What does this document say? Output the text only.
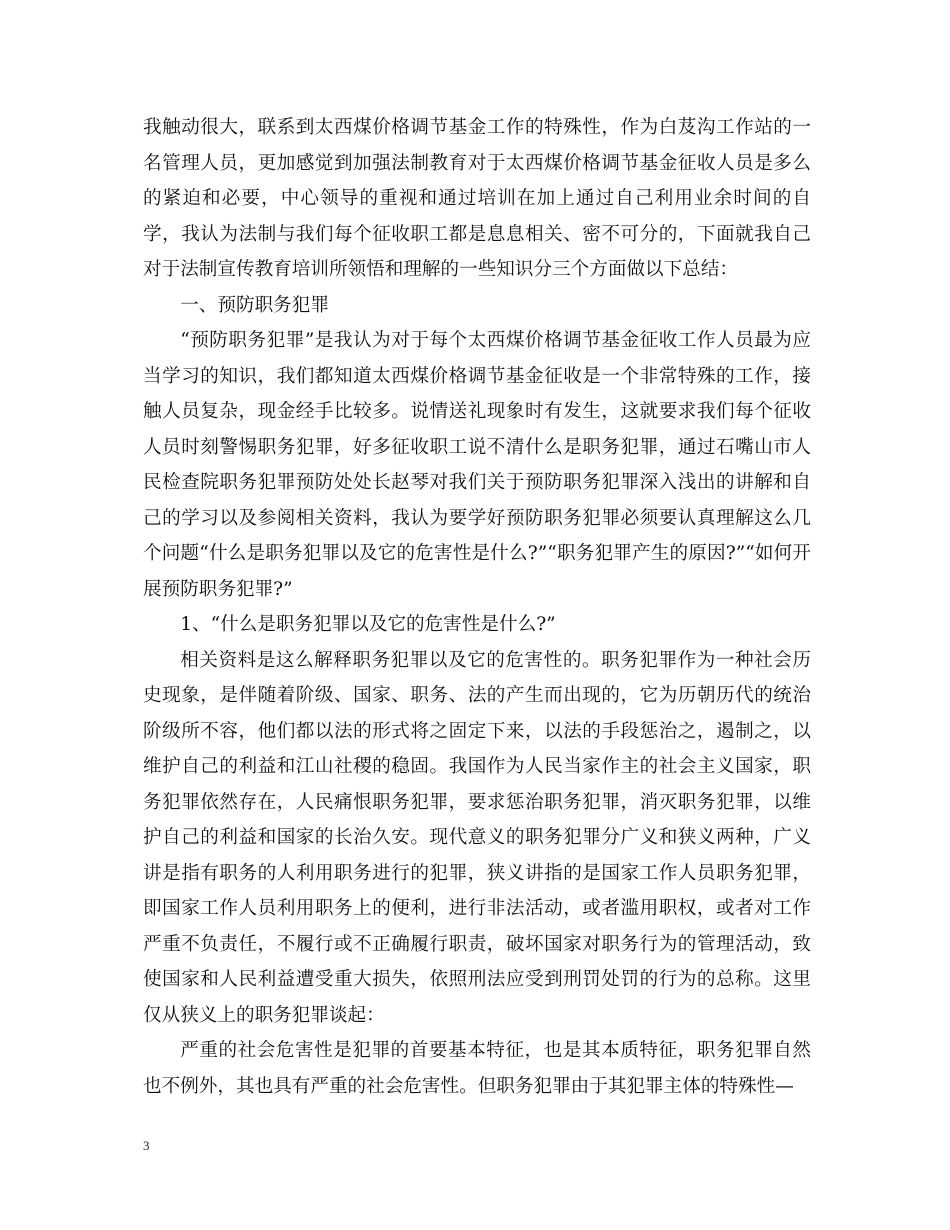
我触动很大，联系到太西煤价格调节基金工作的特殊性，作为白芨沟工作站的一名管理人员，更加感觉到加强法制教育对于太西煤价格调节基金征收人员是多么的紧迫和必要，中心领导的重视和通过培训在加上通过自己利用业余时间的自学，我认为法制与我们每个征收职工都是息息相关、密不可分的，下面就我自己对于法制宣传教育培训所领悟和理解的一些知识分三个方面做以下总结：

一、预防职务犯罪

“预防职务犯罪”是我认为对于每个太西煤价格调节基金征收工作人员最为应当学习的知识，我们都知道太西煤价格调节基金征收是一个非常特殊的工作，接触人员复杂，现金经手比较多。说情送礼现象时有发生，这就要求我们每个征收人员时刻警惕职务犯罪，好多征收职工说不清什么是职务犯罪，通过石嘴山市人民检查院职务犯罪预防处处长赵琴对我们关于预防职务犯罪深入浅出的讲解和自己的学习以及参阅相关资料，我认为要学好预防职务犯罪必须要认真理解这么几个问题“什么是职务犯罪以及它的危害性是什么?”“职务犯罪产生的原因?”“如何开展预防职务犯罪?”

1、“什么是职务犯罪以及它的危害性是什么?”

相关资料是这么解释职务犯罪以及它的危害性的。职务犯罪作为一种社会历史现象，是伴随着阶级、国家、职务、法的产生而出现的，它为历朝历代的统治阶级所不容，他们都以法的形式将之固定下来，以法的手段惩治之，遏制之，以维护自己的利益和江山社稷的稳固。我国作为人民当家作主的社会主义国家，职务犯罪依然存在，人民痛恨职务犯罪，要求惩治职务犯罪，消灭职务犯罪，以维护自己的利益和国家的长治久安。现代意义的职务犯罪分广义和狭义两种，广义讲是指有职务的人利用职务进行的犯罪，狭义讲指的是国家工作人员职务犯罪，即国家工作人员利用职务上的便利，进行非法活动，或者滥用职权，或者对工作严重不负责任，不履行或不正确履行职责，破坏国家对职务行为的管理活动，致使国家和人民利益遭受重大损失，依照刑法应受到刑罚处罚的行为的总称。这里仅从狭义上的职务犯罪谈起：

严重的社会危害性是犯罪的首要基本特征，也是其本质特征，职务犯罪自然也不例外，其也具有严重的社会危害性。但职务犯罪由于其犯罪主体的特殊性—

3
